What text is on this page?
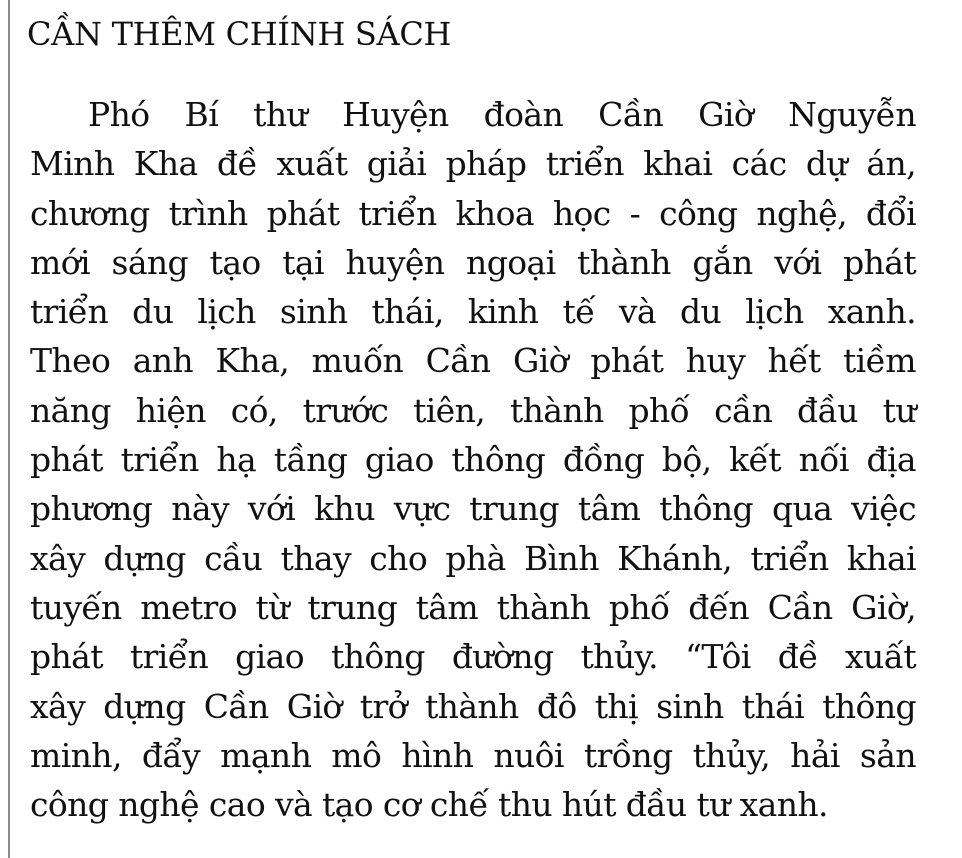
CẦN THÊM CHÍNH SÁCH
Phó Bí thư Huyện đoàn Cần Giờ Nguyễn
Minh Kha đề xuất giải pháp triển khai các dự án,
chương trình phát triển khoa học - công nghệ, đổi
mới sáng tạo tại huyện ngoại thành gắn với phát
triển du lịch sinh thái, kinh tế và du lịch xanh.
Theo anh Kha, muốn Cần Giờ phát huy hết tiềm
năng hiện có, trước tiên, thành phố cần đầu tư
phát triển hạ tầng giao thông đồng bộ, kết nối địa
phương này với khu vực trung tâm thông qua việc
xây dựng cầu thay cho phà Bình Khánh, triển khai
tuyến metro từ trung tâm thành phố đến Cần Giờ,
phát triển giao thông đường thủy. “Tôi đề xuất
xây dựng Cần Giờ trở thành đô thị sinh thái thông
minh, đẩy mạnh mô hình nuôi trồng thủy, hải sản
công nghệ cao và tạo cơ chế thu hút đầu tư xanh.
